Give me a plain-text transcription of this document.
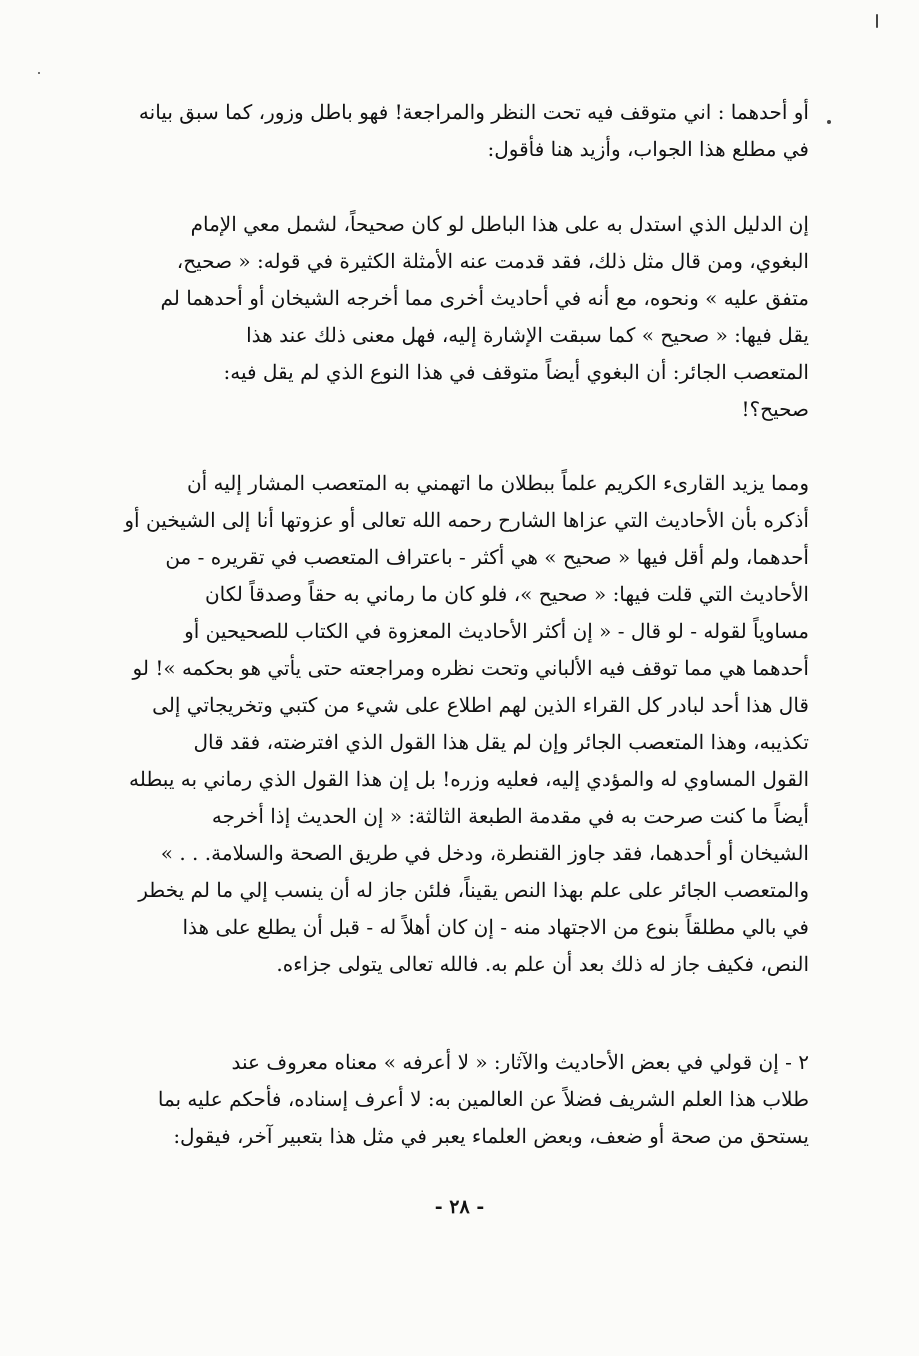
أو أحدهما : اني متوقف فيه تحت النظر والمراجعة! فهو باطل وزور، كما سبق بيانه
في مطلع هذا الجواب، وأزيد هنا فأقول:
إن الدليل الذي استدل به على هذا الباطل لو كان صحيحاً، لشمل معي الإمام
البغوي، ومن قال مثل ذلك، فقد قدمت عنه الأمثلة الكثيرة في قوله: « صحيح،
متفق عليه » ونحوه، مع أنه في أحاديث أخرى مما أخرجه الشيخان أو أحدهما لم
يقل فيها: « صحيح » كما سبقت الإشارة إليه، فهل معنى ذلك عند هذا
المتعصب الجائر: أن البغوي أيضاً متوقف في هذا النوع الذي لم يقل فيه:
صحيح؟!
ومما يزيد القارىء الكريم علماً ببطلان ما اتهمني به المتعصب المشار إليه أن
أذكره بأن الأحاديث التي عزاها الشارح رحمه الله تعالى أو عزوتها أنا إلى الشيخين أو
أحدهما، ولم أقل فيها « صحيح » هي أكثر - باعتراف المتعصب في تقريره - من
الأحاديث التي قلت فيها: « صحيح »، فلو كان ما رماني به حقاً وصدقاً لكان
مساوياً لقوله - لو قال - « إن أكثر الأحاديث المعزوة في الكتاب للصحيحين أو
أحدهما هي مما توقف فيه الألباني وتحت نظره ومراجعته حتى يأتي هو بحكمه »! لو
قال هذا أحد لبادر كل القراء الذين لهم اطلاع على شيء من كتبي وتخريجاتي إلى
تكذيبه، وهذا المتعصب الجائر وإن لم يقل هذا القول الذي افترضته، فقد قال
القول المساوي له والمؤدي إليه، فعليه وزره! بل إن هذا القول الذي رماني به يبطله
أيضاً ما كنت صرحت به في مقدمة الطبعة الثالثة: « إن الحديث إذا أخرجه
الشيخان أو أحدهما، فقد جاوز القنطرة، ودخل في طريق الصحة والسلامة. . . »
والمتعصب الجائر على علم بهذا النص يقيناً، فلئن جاز له أن ينسب إلي ما لم يخطر
في بالي مطلقاً بنوع من الاجتهاد منه - إن كان أهلاً له - قبل أن يطلع على هذا
النص، فكيف جاز له ذلك بعد أن علم به. فالله تعالى يتولى جزاءه.
٢ - إن قولي في بعض الأحاديث والآثار: « لا أعرفه » معناه معروف عند
طلاب هذا العلم الشريف فضلاً عن العالمين به: لا أعرف إسناده، فأحكم عليه بما
يستحق من صحة أو ضعف، وبعض العلماء يعبر في مثل هذا بتعبير آخر، فيقول:
- ٢٨ -
